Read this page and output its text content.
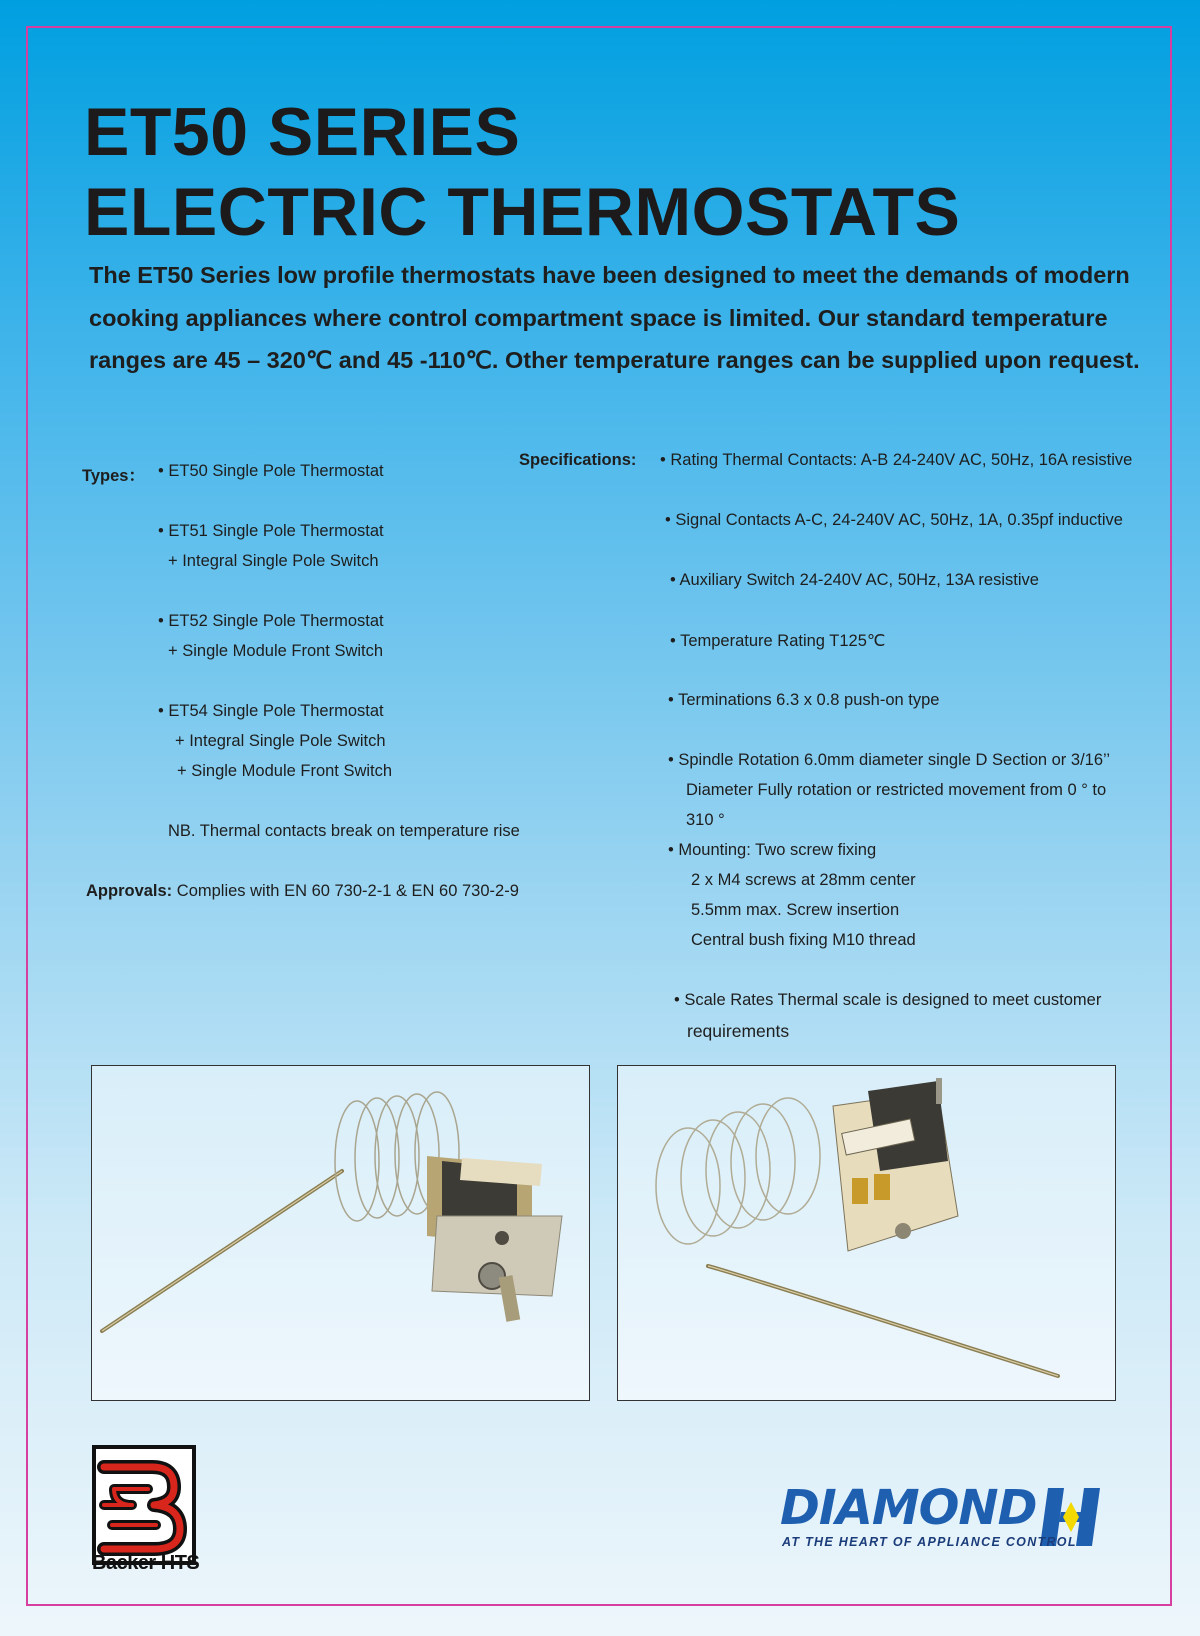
ET50 SERIES
ELECTRIC THERMOSTATS

The ET50 Series low profile thermostats have been designed to meet the demands of modern cooking appliances where control compartment space is limited. Our standard temperature ranges are 45 – 320℃ and 45 -110℃. Other temperature ranges can be supplied upon request.

Types： • ET50 Single Pole Thermostat
• ET51 Single Pole Thermostat
+ Integral Single Pole Switch
• ET52 Single Pole Thermostat
+ Single Module Front Switch
• ET54 Single Pole Thermostat
+ Integral Single Pole Switch
+ Single Module Front Switch
NB. Thermal contacts break on temperature rise
Approvals: Complies with EN 60 730-2-1 & EN 60 730-2-9
Specifications: • Rating Thermal Contacts: A-B 24-240V AC, 50Hz, 16A resistive
• Signal Contacts A-C, 24-240V AC, 50Hz, 1A, 0.35pf inductive
• Auxiliary Switch 24-240V AC, 50Hz, 13A resistive
• Temperature Rating T125℃
• Terminations 6.3 x 0.8 push-on type
• Spindle Rotation 6.0mm diameter single D Section or 3/16’’
Diameter Fully rotation or restricted movement from 0 ° to
310 °
• Mounting: Two screw fixing
2 x M4 screws at 28mm center
5.5mm max. Screw insertion
Central bush fixing M10 thread
• Scale Rates Thermal scale is designed to meet customer
requirements
Backer HTS
DIAMOND
AT THE HEART OF APPLIANCE CONTROL
